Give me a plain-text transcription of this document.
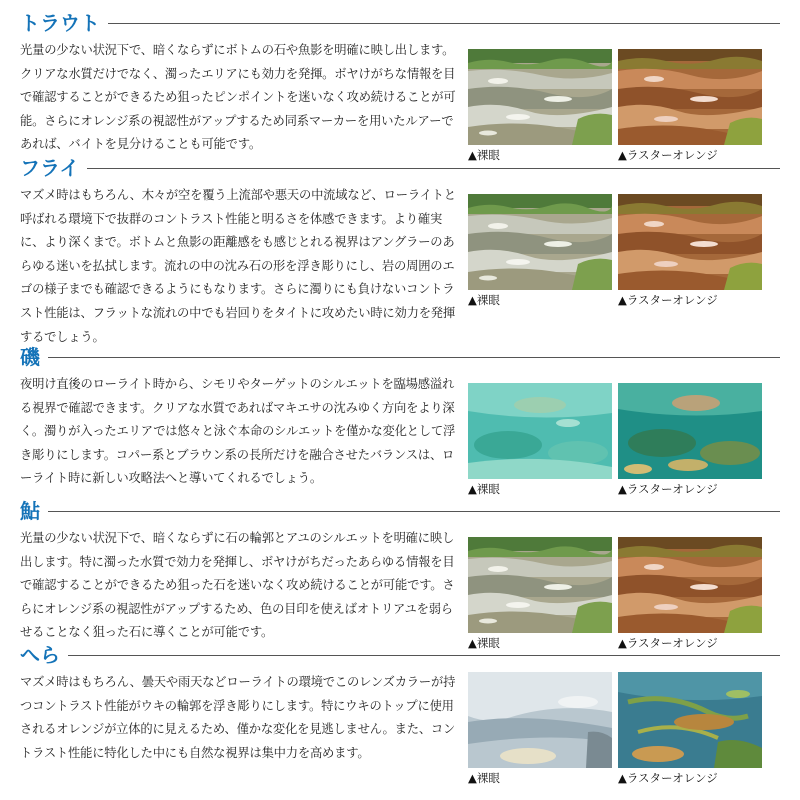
トラウト

光量の少ない状況下で、暗くならずにボトムの石や魚影を明確に映し出します。クリアな水質だけでなく、濁ったエリアにも効力を発揮。ボヤけがちな情報を目で確認することができるため狙ったピンポイントを迷いなく攻め続けることが可能。さらにオレンジ系の視認性がアップするため同系マーカーを用いたルアーであれば、バイトを見分けることも可能です。

▲裸眼	▲ラスターオレンジ
フライ

マズメ時はもちろん、木々が空を覆う上流部や悪天の中流域など、ローライトと呼ばれる環境下で抜群のコントラスト性能と明るさを体感できます。より確実に、より深くまで。ボトムと魚影の距離感をも感じとれる視界はアングラーのあらゆる迷いを払拭します。流れの中の沈み石の形を浮き彫りにし、岩の周囲のエゴの様子までも確認できるようにもなります。さらに濁りにも負けないコントラスト性能は、フラットな流れの中でも岩回りをタイトに攻めたい時に効力を発揮するでしょう。

▲裸眼	▲ラスターオレンジ
磯

夜明け直後のローライト時から、シモリやターゲットのシルエットを臨場感溢れる視界で確認できます。クリアな水質であればマキエサの沈みゆく方向をより深く。濁りが入ったエリアでは悠々と泳ぐ本命のシルエットを僅かな変化として浮き彫りにします。コパー系とブラウン系の長所だけを融合させたバランスは、ローライト時に新しい攻略法へと導いてくれるでしょう。

▲裸眼	▲ラスターオレンジ
鮎

光量の少ない状況下で、暗くならずに石の輪郭とアユのシルエットを明確に映し出します。特に濁った水質で効力を発揮し、ボヤけがちだったあらゆる情報を目で確認することができるため狙った石を迷いなく攻め続けることが可能です。さらにオレンジ系の視認性がアップするため、色の目印を使えばオトリアユを弱らせることなく狙った石に導くことが可能です。

▲裸眼	▲ラスターオレンジ
へら

マズメ時はもちろん、曇天や雨天などローライトの環境でこのレンズカラーが持つコントラスト性能がウキの輪郭を浮き彫りにします。特にウキのトップに使用されるオレンジが立体的に見えるため、僅かな変化を見逃しません。また、コントラスト性能に特化した中にも自然な視界は集中力を高めます。

▲裸眼	▲ラスターオレンジ
